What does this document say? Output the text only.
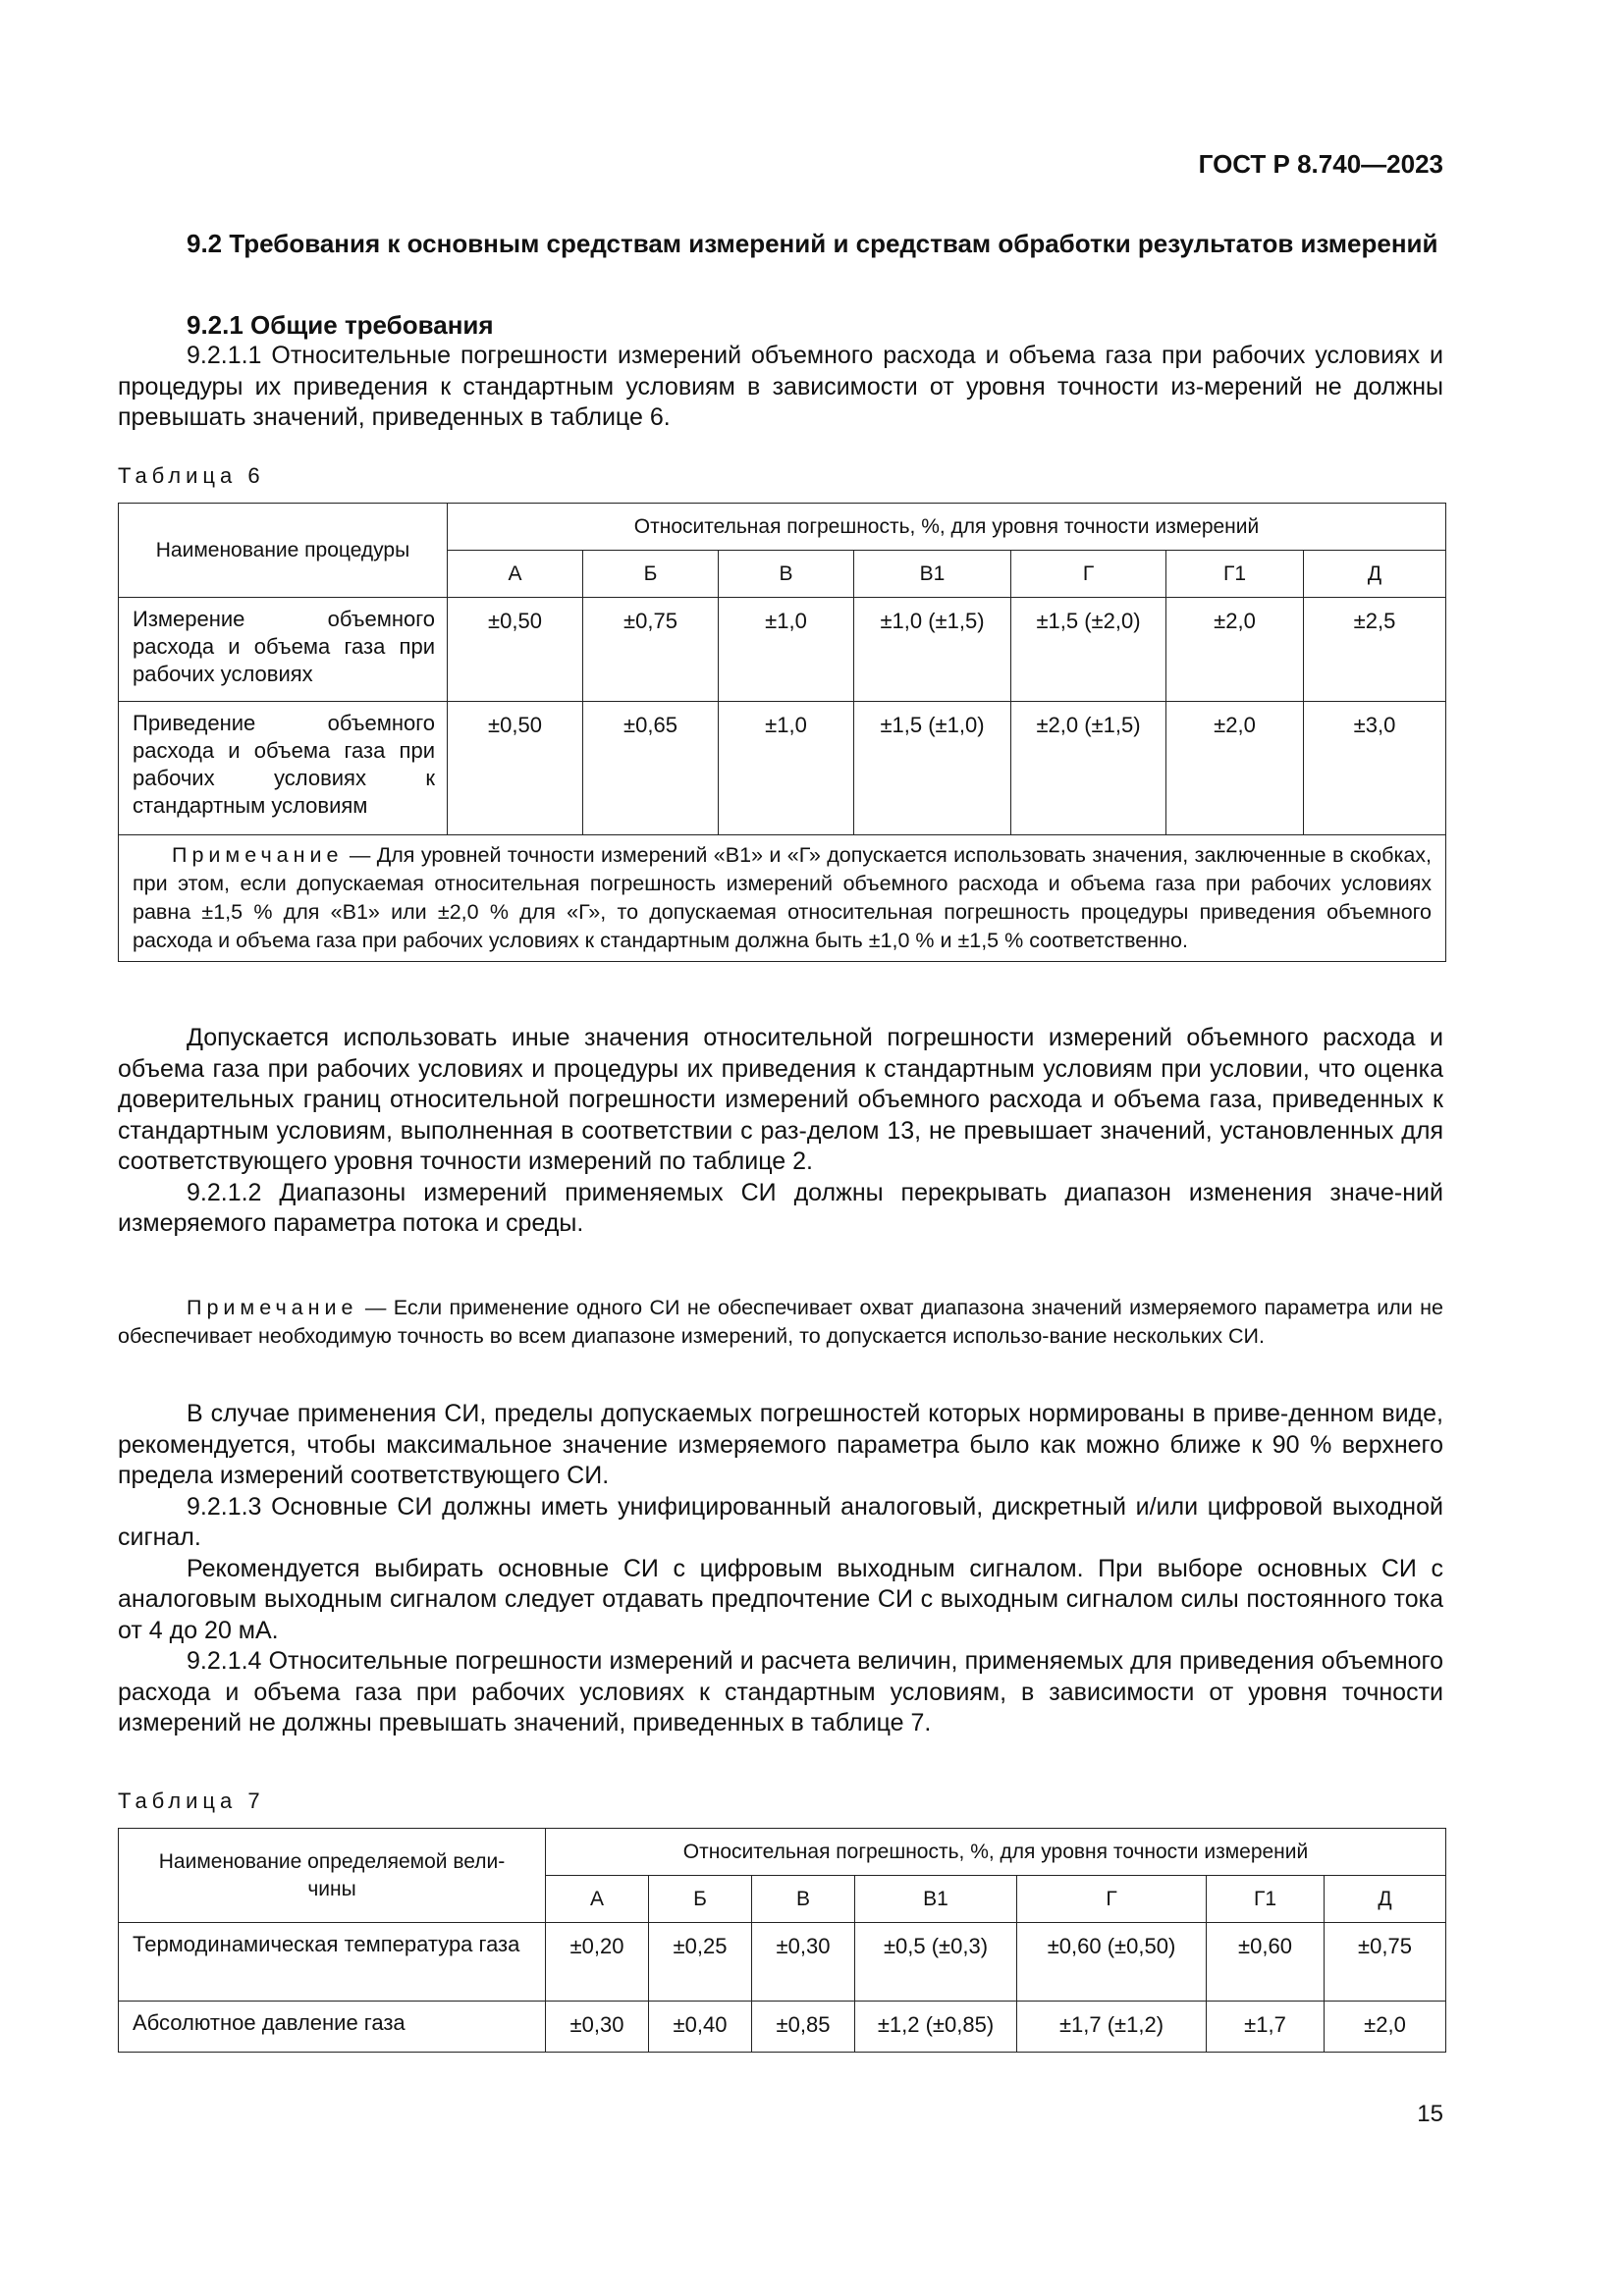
ГОСТ Р 8.740—2023
9.2 Требования к основным средствам измерений и средствам обработки результатов измерений
9.2.1 Общие требования

9.2.1.1 Относительные погрешности измерений объемного расхода и объема газа при рабочих условиях и процедуры их приведения к стандартным условиям в зависимости от уровня точности из-мерений не должны превышать значений, приведенных в таблице 6.

Таблица 6
Наименование процедуры	Относительная погрешность, %, для уровня точности измерений						
	А	Б	В	В1	Г	Г1	Д
Измерение объемного расхода и объема газа при рабочих условиях	±0,50	±0,75	±1,0	±1,0 (±1,5)	±1,5 (±2,0)	±2,0	±2,5
Приведение объемного расхода и объема газа при рабочих условиях к стандартным условиям	±0,50	±0,65	±1,0	±1,5 (±1,0)	±2,0 (±1,5)	±2,0	±3,0
Примечание — Для уровней точности измерений «В1» и «Г» допускается использовать значения, заключенные в скобках, при этом, если допускаемая относительная погрешность измерений объемного расхода и объема газа при рабочих условиях равна ±1,5 % для «В1» или ±2,0 % для «Г», то допускаемая относительная погрешность процедуры приведения объемного расхода и объема газа при рабочих условиях к стандартным должна быть ±1,0 % и ±1,5 % соответственно.							

Допускается использовать иные значения относительной погрешности измерений объемного расхода и объема газа при рабочих условиях и процедуры их приведения к стандартным условиям при условии, что оценка доверительных границ относительной погрешности измерений объемного расхода и объема газа, приведенных к стандартным условиям, выполненная в соответствии с раз-делом 13, не превышает значений, установленных для соответствующего уровня точности измерений по таблице 2.

9.2.1.2 Диапазоны измерений применяемых СИ должны перекрывать диапазон изменения значе-ний измеряемого параметра потока и среды.

Примечание — Если применение одного СИ не обеспечивает охват диапазона значений измеряемого параметра или не обеспечивает необходимую точность во всем диапазоне измерений, то допускается использо-вание нескольких СИ.

В случае применения СИ, пределы допускаемых погрешностей которых нормированы в приве-денном виде, рекомендуется, чтобы максимальное значение измеряемого параметра было как можно ближе к 90 % верхнего предела измерений соответствующего СИ.

9.2.1.3 Основные СИ должны иметь унифицированный аналоговый, дискретный и/или цифровой выходной сигнал.

Рекомендуется выбирать основные СИ с цифровым выходным сигналом. При выборе основных СИ с аналоговым выходным сигналом следует отдавать предпочтение СИ с выходным сигналом силы постоянного тока от 4 до 20 мА.

9.2.1.4 Относительные погрешности измерений и расчета величин, применяемых для приведения объемного расхода и объема газа при рабочих условиях к стандартным условиям, в зависимости от уровня точности измерений не должны превышать значений, приведенных в таблице 7.

Таблица 7
Наименование определяемой вели-
чины	Относительная погрешность, %, для уровня точности измерений						
	А	Б	В	В1	Г	Г1	Д
Термодинамическая температура газа	±0,20	±0,25	±0,30	±0,5 (±0,3)	±0,60 (±0,50)	±0,60	±0,75
Абсолютное давление газа	±0,30	±0,40	±0,85	±1,2 (±0,85)	±1,7 (±1,2)	±1,7	±2,0
15
